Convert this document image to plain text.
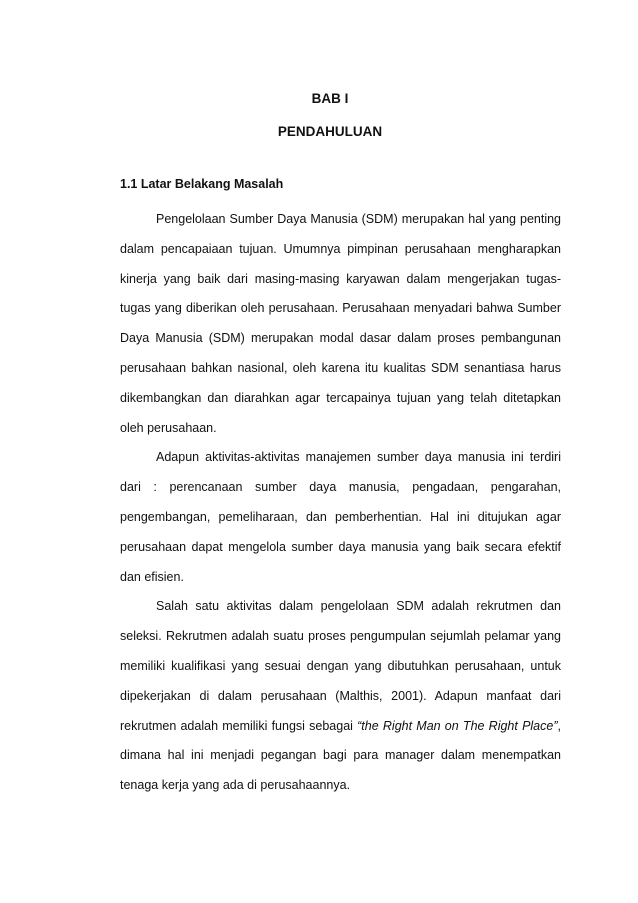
BAB I
PENDAHULUAN
1.1 Latar Belakang Masalah

Pengelolaan Sumber Daya Manusia (SDM) merupakan hal yang penting dalam pencapaiaan tujuan. Umumnya pimpinan perusahaan mengharapkan kinerja yang baik dari masing-masing karyawan dalam mengerjakan tugas-tugas yang diberikan oleh perusahaan. Perusahaan menyadari bahwa Sumber Daya Manusia (SDM) merupakan modal dasar dalam proses pembangunan perusahaan bahkan nasional, oleh karena itu kualitas SDM senantiasa harus dikembangkan dan diarahkan agar tercapainya tujuan yang telah ditetapkan oleh perusahaan.

Adapun aktivitas-aktivitas manajemen sumber daya manusia ini terdiri dari : perencanaan sumber daya manusia, pengadaan, pengarahan, pengembangan, pemeliharaan, dan pemberhentian. Hal ini ditujukan agar perusahaan dapat mengelola sumber daya manusia yang baik secara efektif dan efisien.

Salah satu aktivitas dalam pengelolaan SDM adalah rekrutmen dan seleksi. Rekrutmen adalah suatu proses pengumpulan sejumlah pelamar yang memiliki kualifikasi yang sesuai dengan yang dibutuhkan perusahaan, untuk dipekerjakan di dalam perusahaan (Malthis, 2001). Adapun manfaat dari rekrutmen adalah memiliki fungsi sebagai “the Right Man on The Right Place”, dimana hal ini menjadi pegangan bagi para manager dalam menempatkan tenaga kerja yang ada di perusahaannya.
